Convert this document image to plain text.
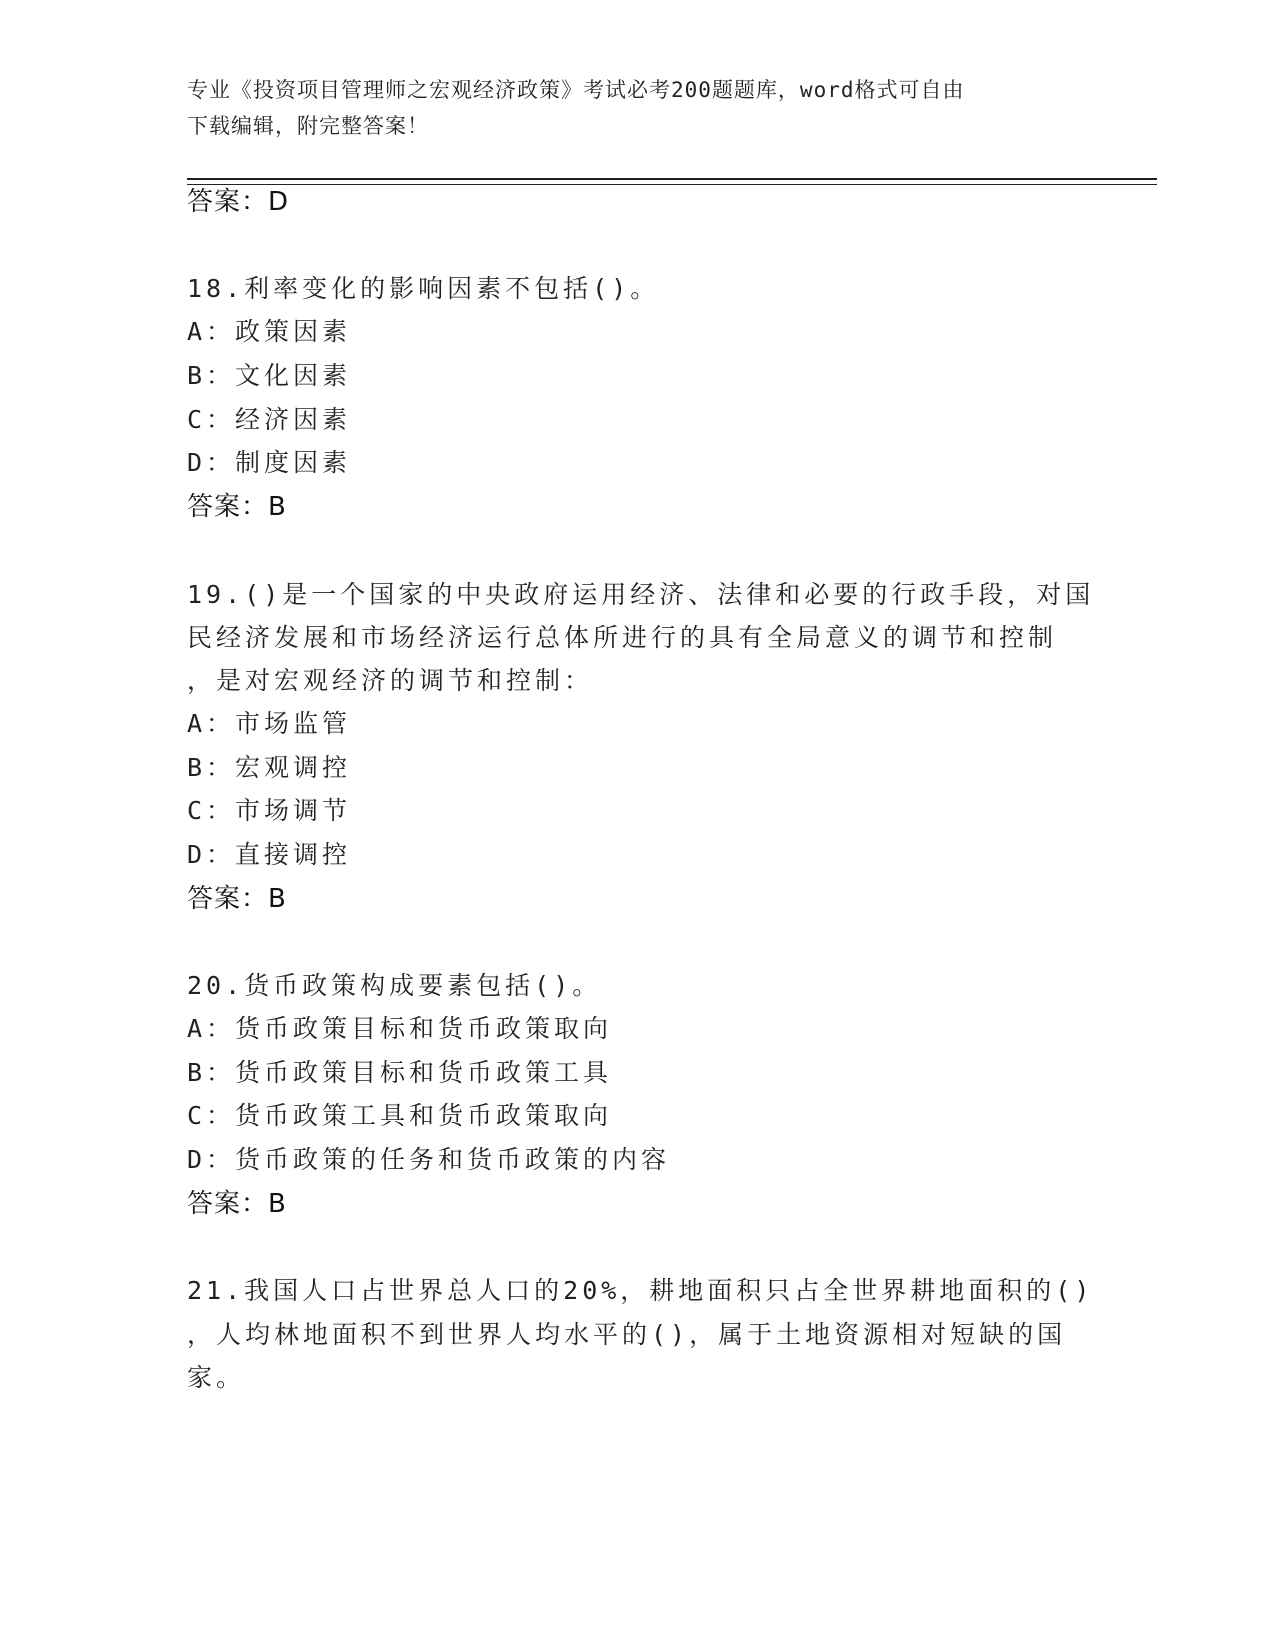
专业《投资项目管理师之宏观经济政策》考试必考200题题库，word格式可自由
下载编辑，附完整答案！
答案：D
18.利率变化的影响因素不包括()。
A：政策因素
B：文化因素
C：经济因素
D：制度因素
答案：B
19.()是一个国家的中央政府运用经济、法律和必要的行政手段，对国
民经济发展和市场经济运行总体所进行的具有全局意义的调节和控制
，是对宏观经济的调节和控制：
A：市场监管
B：宏观调控
C：市场调节
D：直接调控
答案：B
20.货币政策构成要素包括()。
A：货币政策目标和货币政策取向
B：货币政策目标和货币政策工具
C：货币政策工具和货币政策取向
D：货币政策的任务和货币政策的内容
答案：B
21.我国人口占世界总人口的20%，耕地面积只占全世界耕地面积的()
，人均林地面积不到世界人均水平的()，属于土地资源相对短缺的国
家。
